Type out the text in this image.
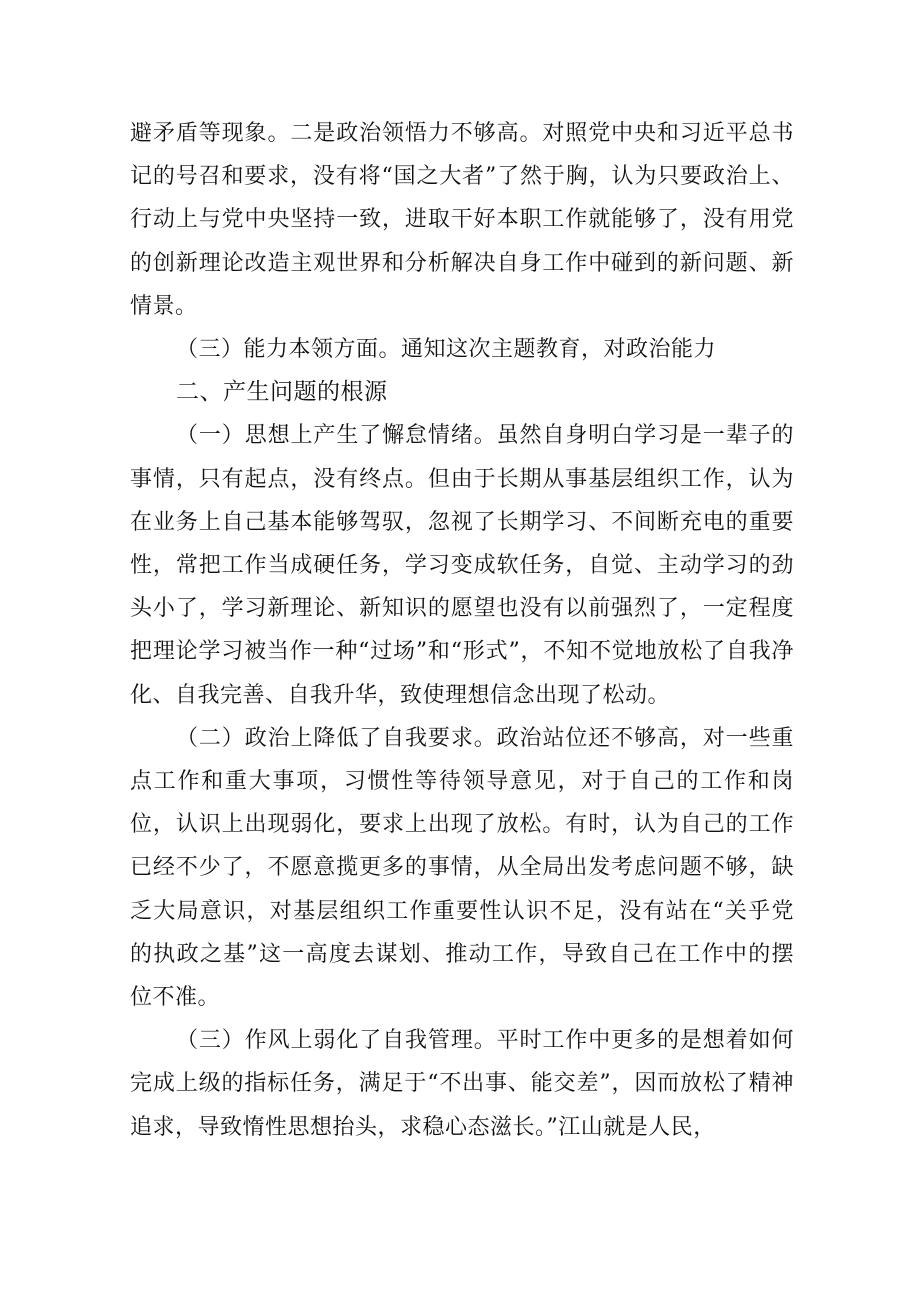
避矛盾等现象。二是政治领悟力不够高。对照党中央和习近平总书记的号召和要求，没有将“国之大者”了然于胸，认为只要政治上、行动上与党中央坚持一致，进取干好本职工作就能够了，没有用党的创新理论改造主观世界和分析解决自身工作中碰到的新问题、新情景。

（三）能力本领方面。通知这次主题教育，对政治能力

二、产生问题的根源

（一）思想上产生了懈怠情绪。虽然自身明白学习是一辈子的事情，只有起点，没有终点。但由于长期从事基层组织工作，认为在业务上自己基本能够驾驭，忽视了长期学习、不间断充电的重要性，常把工作当成硬任务，学习变成软任务，自觉、主动学习的劲头小了，学习新理论、新知识的愿望也没有以前强烈了，一定程度把理论学习被当作一种“过场”和“形式”，不知不觉地放松了自我净化、自我完善、自我升华，致使理想信念出现了松动。

（二）政治上降低了自我要求。政治站位还不够高，对一些重点工作和重大事项，习惯性等待领导意见，对于自己的工作和岗位，认识上出现弱化，要求上出现了放松。有时，认为自己的工作已经不少了，不愿意揽更多的事情，从全局出发考虑问题不够，缺乏大局意识，对基层组织工作重要性认识不足，没有站在“关乎党的执政之基”这一高度去谋划、推动工作，导致自己在工作中的摆位不准。

（三）作风上弱化了自我管理。平时工作中更多的是想着如何完成上级的指标任务，满足于“不出事、能交差”，因而放松了精神追求，导致惰性思想抬头，求稳心态滋长。”江山就是人民，
